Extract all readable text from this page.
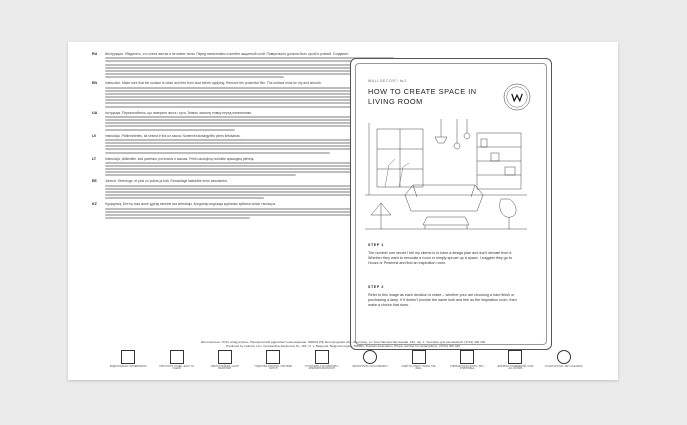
RU Инструкция. Убедитесь, что стена чистая и не имеет пыли. Перед нанесением отклейте защитный слой. Поверхность должна быть сухой и ровной. Создание:
EN Instruction. Make sure that the surface is clean and free from dust before applying. Remove the protective film. The surface must be dry and smooth:
UA Інструкція. Переконайтеся, що поверхня чиста і суха. Зніміть захисну плівку перед нанесенням.
LV	Instrukcija. Pārliecinieties, ka virsma ir tīra un sausa. Noņemiet aizsargplēvi pirms lietošanas.
LT	Instrukcija. Įsitikinkite, kad paviršius yra švarus ir sausas. Prieš naudojimą nuimkite apsauginę plėvelę.
EE Juhend. Veenduge, et pind on puhas ja kuiv. Eemaldage kaitsekile enne kasutamist.
KZ Нұсқаулық. Беттің таза және құрғақ екеніне көз жеткізіңіз. Қолданар алдында қорғаныс қабатын алып тастаңыз.
WALLDECOR? №1
HOW TO CREATE SPACE IN LIVING ROOM
STEP 1
The number one secret I tell my clients is to have a design plan and don't deviate from it. Whether they want to renovate a room or simply spruce up a space, I suggest they go to Houzz or Pinterest and find an inspiration room.
STEP 2
Refer to this image as each decision is made – whether your are choosing a hard finish or purchasing a lamp. If it doesn't provide the same look and feel as the inspiration room, then make a choice that does.
Изготовитель: ООО «Индустрия». Юридический адрес/местонахождение: 308001 РФ, Белгородская обл., Белгород, ул. Константина Заслонова, 181, оф. 1. Телефон для реклам/ций: (4722) 400 340
Produced by Industry LLC. Konstantina Zaslonova St., 181, of. 1, Belgorod, Belgorod region, 308001, Russian Federation. Phone number for reclamations: (4722) 400 340
ВОДОСТОЙКАЯ / WATERPROOF	ПРОСТОЙ В УХОДЕ / EASY TO CLEAN
СВЕТОСТОЙКАЯ / LIGHT RESISTANT
ПОДГОНКА РИСУНКА / PATTERN MATCH
УСТОЙЧИВА К ИСТИРАНИЮ / ABRASION RESISTANT
ЭКОЛОГИЧНА / ECO FRIENDLY	КЛЕЙ НА СТЕНУ / PASTE THE WALL
СНИМАЕТСЯ В СУХУЮ / DRY STRIPPABLE
ДЛЯ ВСЕХ ПОМЕЩЕНИЙ / FOR ALL ROOMS
СУХАЯ ЧИСТКА / DRY CLEANING
